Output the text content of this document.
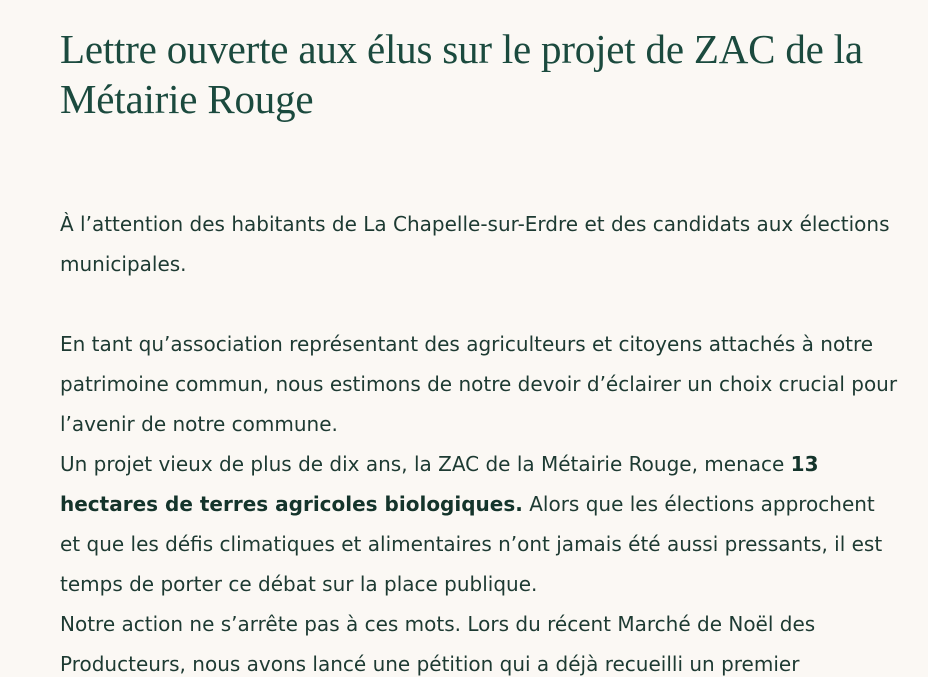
Lettre ouverte aux élus sur le projet de ZAC de la Métairie Rouge

À l’attention des habitants de La Chapelle-sur-Erdre et des candidats aux élections municipales.

En tant qu’association représentant des agriculteurs et citoyens attachés à notre patrimoine commun, nous estimons de notre devoir d’éclairer un choix crucial pour l’avenir de notre commune.

Un projet vieux de plus de dix ans, la ZAC de la Métairie Rouge, menace 13 hectares de terres agricoles biologiques. Alors que les élections approchent et que les défis climatiques et alimentaires n’ont jamais été aussi pressants, il est temps de porter ce débat sur la place publique.

Notre action ne s’arrête pas à ces mots. Lors du récent Marché de Noël des Producteurs, nous avons lancé une pétition qui a déjà recueilli un premier
